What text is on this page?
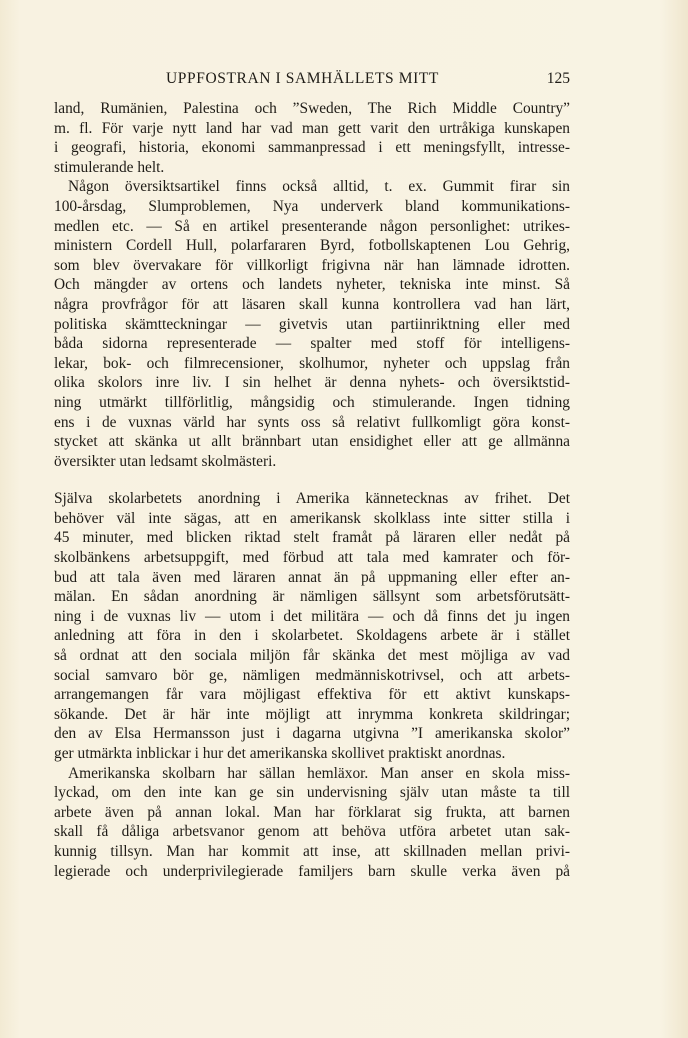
UPPFOSTRAN I SAMHÄLLETS MITT	125
land, Rumänien, Palestina och ”Sweden, The Rich Middle Country”
m. fl. För varje nytt land har vad man gett varit den urtråkiga kunskapen
i geografi, historia, ekonomi sammanpressad i ett meningsfyllt, intresse-
stimulerande helt.
Någon översiktsartikel finns också alltid, t. ex. Gummit firar sin
100-årsdag, Slumproblemen, Nya underverk bland kommunikations-
medlen etc. — Så en artikel presenterande någon personlighet: utrikes-
ministern Cordell Hull, polarfararen Byrd, fotbollskaptenen Lou Gehrig,
som blev övervakare för villkorligt frigivna när han lämnade idrotten.
Och mängder av ortens och landets nyheter, tekniska inte minst. Så
några provfrågor för att läsaren skall kunna kontrollera vad han lärt,
politiska skämtteckningar — givetvis utan partiinriktning eller med
båda sidorna representerade — spalter med stoff för intelligens-
lekar, bok- och filmrecensioner, skolhumor, nyheter och uppslag från
olika skolors inre liv. I sin helhet är denna nyhets- och översiktstid-
ning utmärkt tillförlitlig, mångsidig och stimulerande. Ingen tidning
ens i de vuxnas värld har synts oss så relativt fullkomligt göra konst-
stycket att skänka ut allt brännbart utan ensidighet eller att ge allmänna
översikter utan ledsamt skolmästeri.
Själva skolarbetets anordning i Amerika kännetecknas av frihet. Det
behöver väl inte sägas, att en amerikansk skolklass inte sitter stilla i
45 minuter, med blicken riktad stelt framåt på läraren eller nedåt på
skolbänkens arbetsuppgift, med förbud att tala med kamrater och för-
bud att tala även med läraren annat än på uppmaning eller efter an-
mälan. En sådan anordning är nämligen sällsynt som arbetsförutsätt-
ning i de vuxnas liv — utom i det militära — och då finns det ju ingen
anledning att föra in den i skolarbetet. Skoldagens arbete är i stället
så ordnat att den sociala miljön får skänka det mest möjliga av vad
social samvaro bör ge, nämligen medmänniskotrivsel, och att arbets-
arrangemangen får vara möjligast effektiva för ett aktivt kunskaps-
sökande. Det är här inte möjligt att inrymma konkreta skildringar;
den av Elsa Hermansson just i dagarna utgivna ”I amerikanska skolor”
ger utmärkta inblickar i hur det amerikanska skollivet praktiskt anordnas.
Amerikanska skolbarn har sällan hemläxor. Man anser en skola miss-
lyckad, om den inte kan ge sin undervisning själv utan måste ta till
arbete även på annan lokal. Man har förklarat sig frukta, att barnen
skall få dåliga arbetsvanor genom att behöva utföra arbetet utan sak-
kunnig tillsyn. Man har kommit att inse, att skillnaden mellan privi-
legierade och underprivilegierade familjers barn skulle verka även på
